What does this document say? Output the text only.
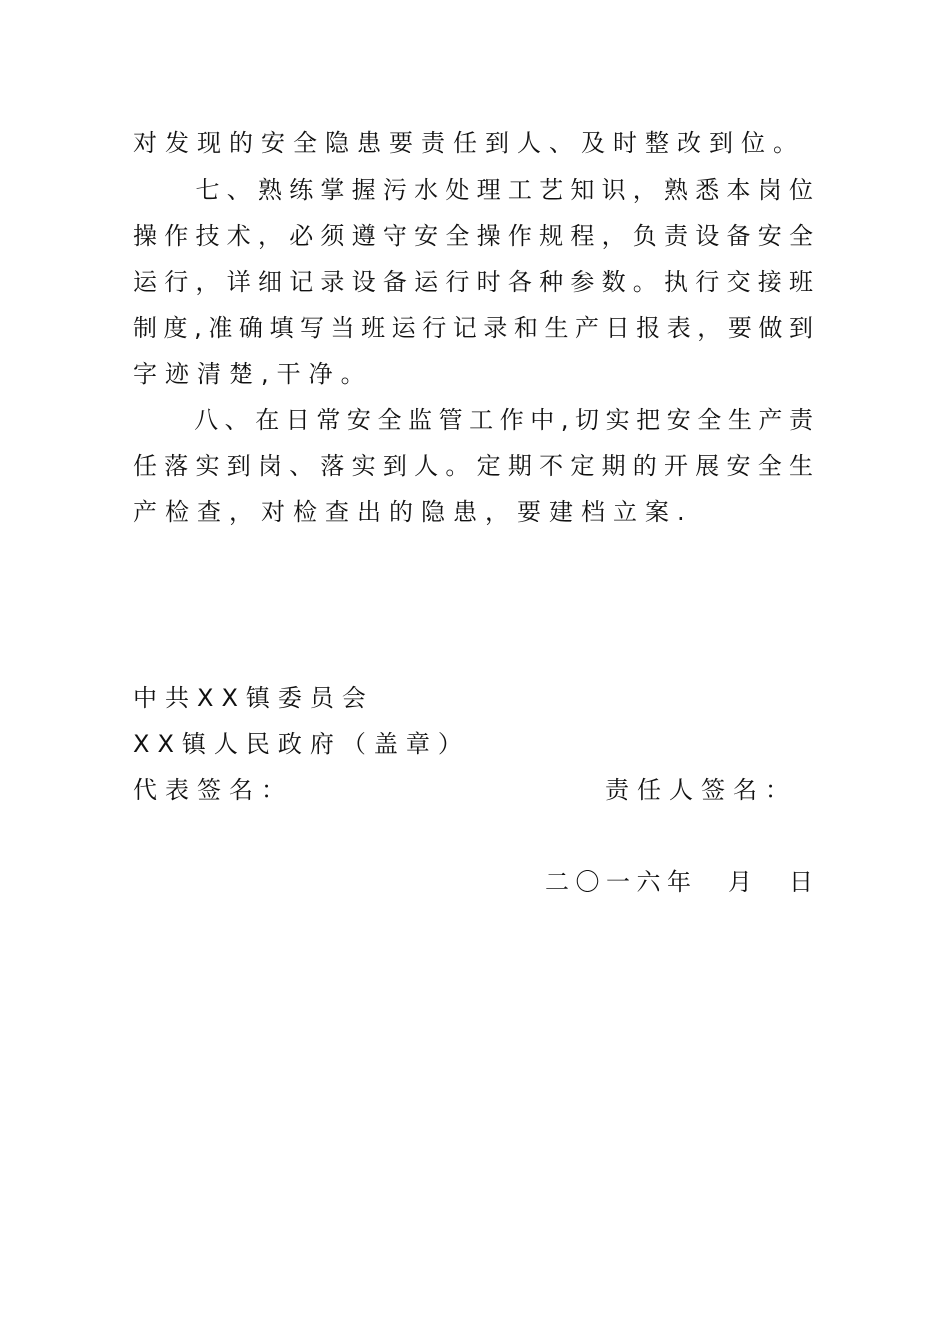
对发现的安全隐患要责任到人、及时整改到位。
　　七、熟练掌握污水处理工艺知识，熟悉本岗位
操作技术，必须遵守安全操作规程，负责设备安全
运行，详细记录设备运行时各种参数。执行交接班
制度,准确填写当班运行记录和生产日报表，要做到
字迹清楚,干净。
　　八、在日常安全监管工作中,切实把安全生产责
任落实到岗、落实到人。定期不定期的开展安全生
产检查，对检查出的隐患，要建档立案.
中共XX镇委员会
XX镇人民政府（盖章）
代表签名：	责任人签名：
二〇一六年　月　日
